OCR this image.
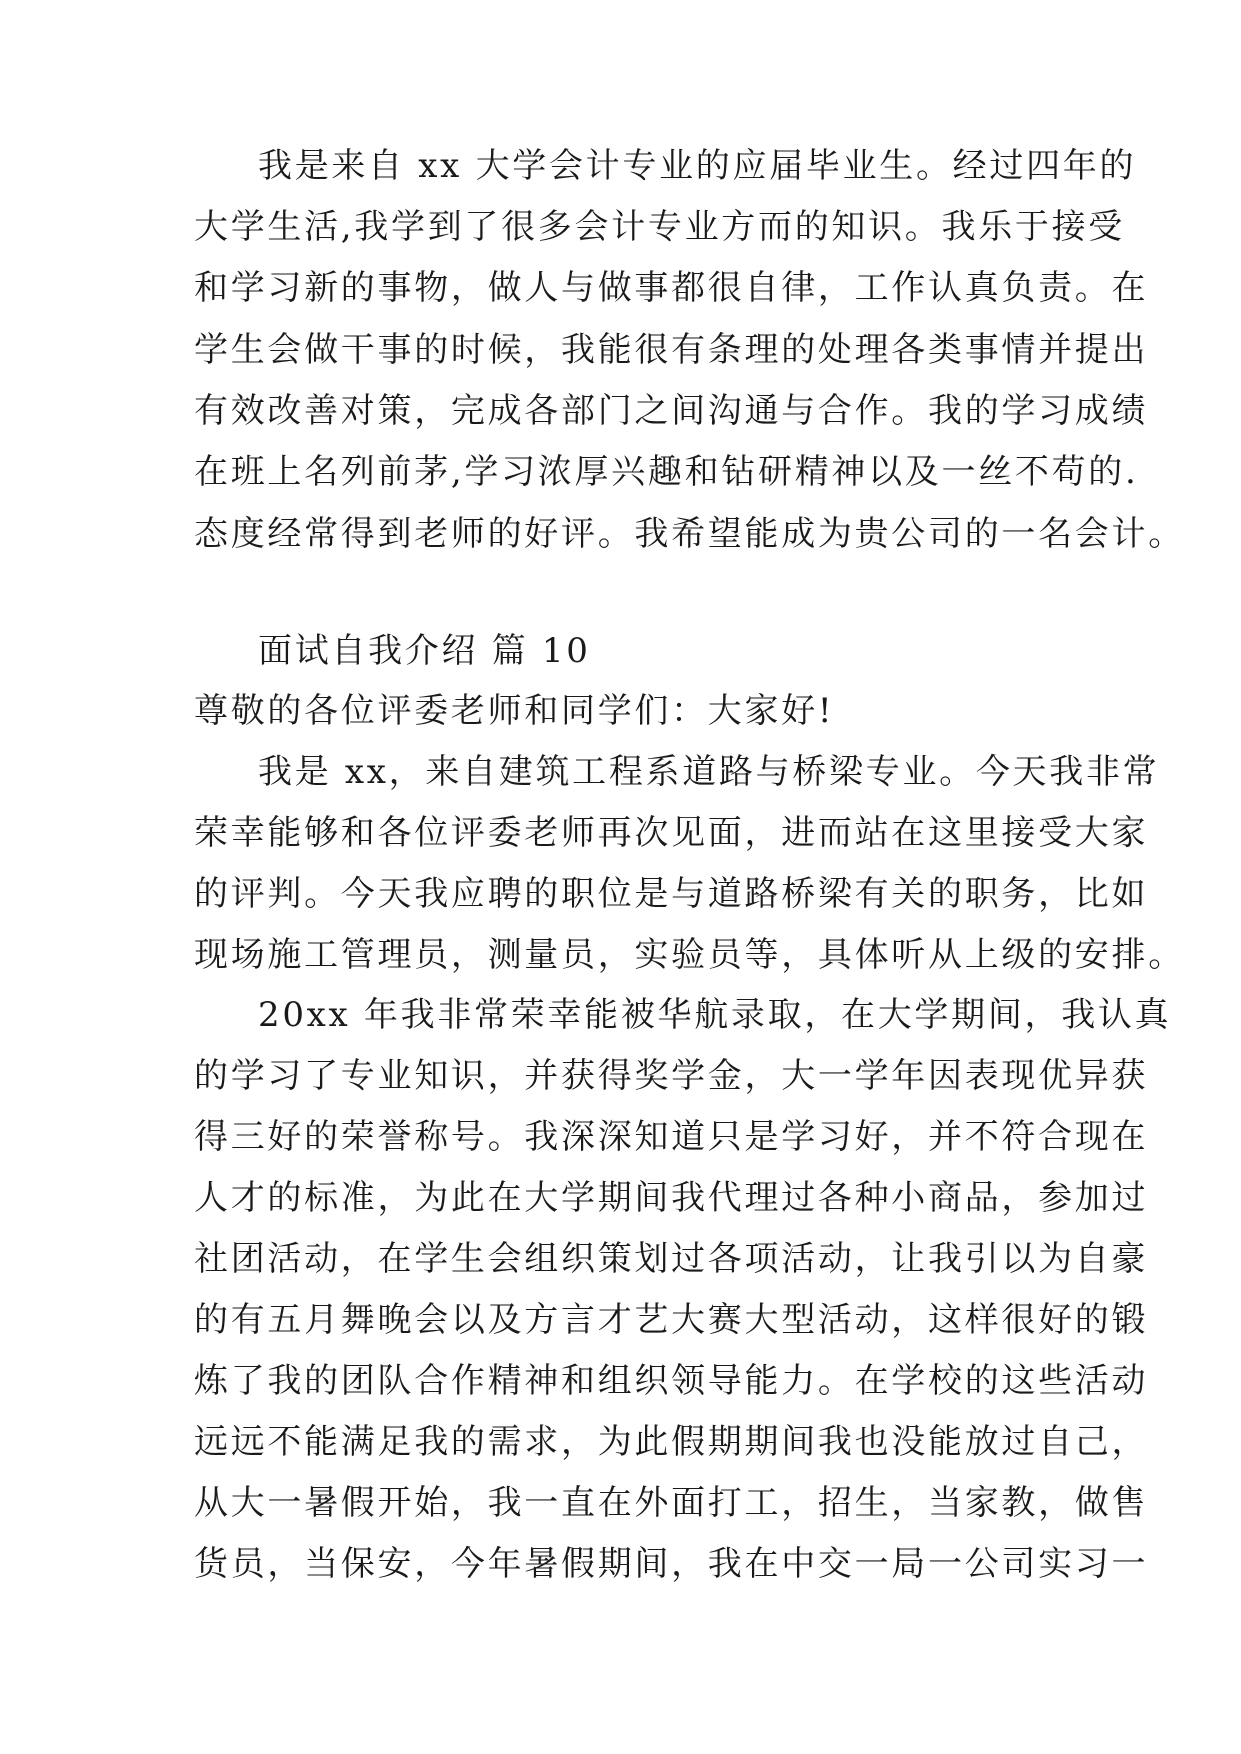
我是来自 xx 大学会计专业的应届毕业生。经过四年的

大学生活,我学到了很多会计专业方而的知识。我乐于接受

和学习新的事物，做人与做事都很自律，工作认真负责。在

学生会做干事的时候，我能很有条理的处理各类事情并提出

有效改善对策，完成各部门之间沟通与合作。我的学习成绩

在班上名列前茅,学习浓厚兴趣和钻研精神以及一丝不苟的.

态度经常得到老师的好评。我希望能成为贵公司的一名会计。

面试自我介绍 篇 10

尊敬的各位评委老师和同学们：大家好!

我是 xx，来自建筑工程系道路与桥梁专业。今天我非常

荣幸能够和各位评委老师再次见面，进而站在这里接受大家

的评判。今天我应聘的职位是与道路桥梁有关的职务，比如

现场施工管理员，测量员，实验员等，具体听从上级的安排。

20xx 年我非常荣幸能被华航录取，在大学期间，我认真

的学习了专业知识，并获得奖学金，大一学年因表现优异获

得三好的荣誉称号。我深深知道只是学习好，并不符合现在

人才的标准，为此在大学期间我代理过各种小商品，参加过

社团活动，在学生会组织策划过各项活动，让我引以为自豪

的有五月舞晚会以及方言才艺大赛大型活动，这样很好的锻

炼了我的团队合作精神和组织领导能力。在学校的这些活动

远远不能满足我的需求，为此假期期间我也没能放过自己，

从大一暑假开始，我一直在外面打工，招生，当家教，做售

货员，当保安，今年暑假期间，我在中交一局一公司实习一
